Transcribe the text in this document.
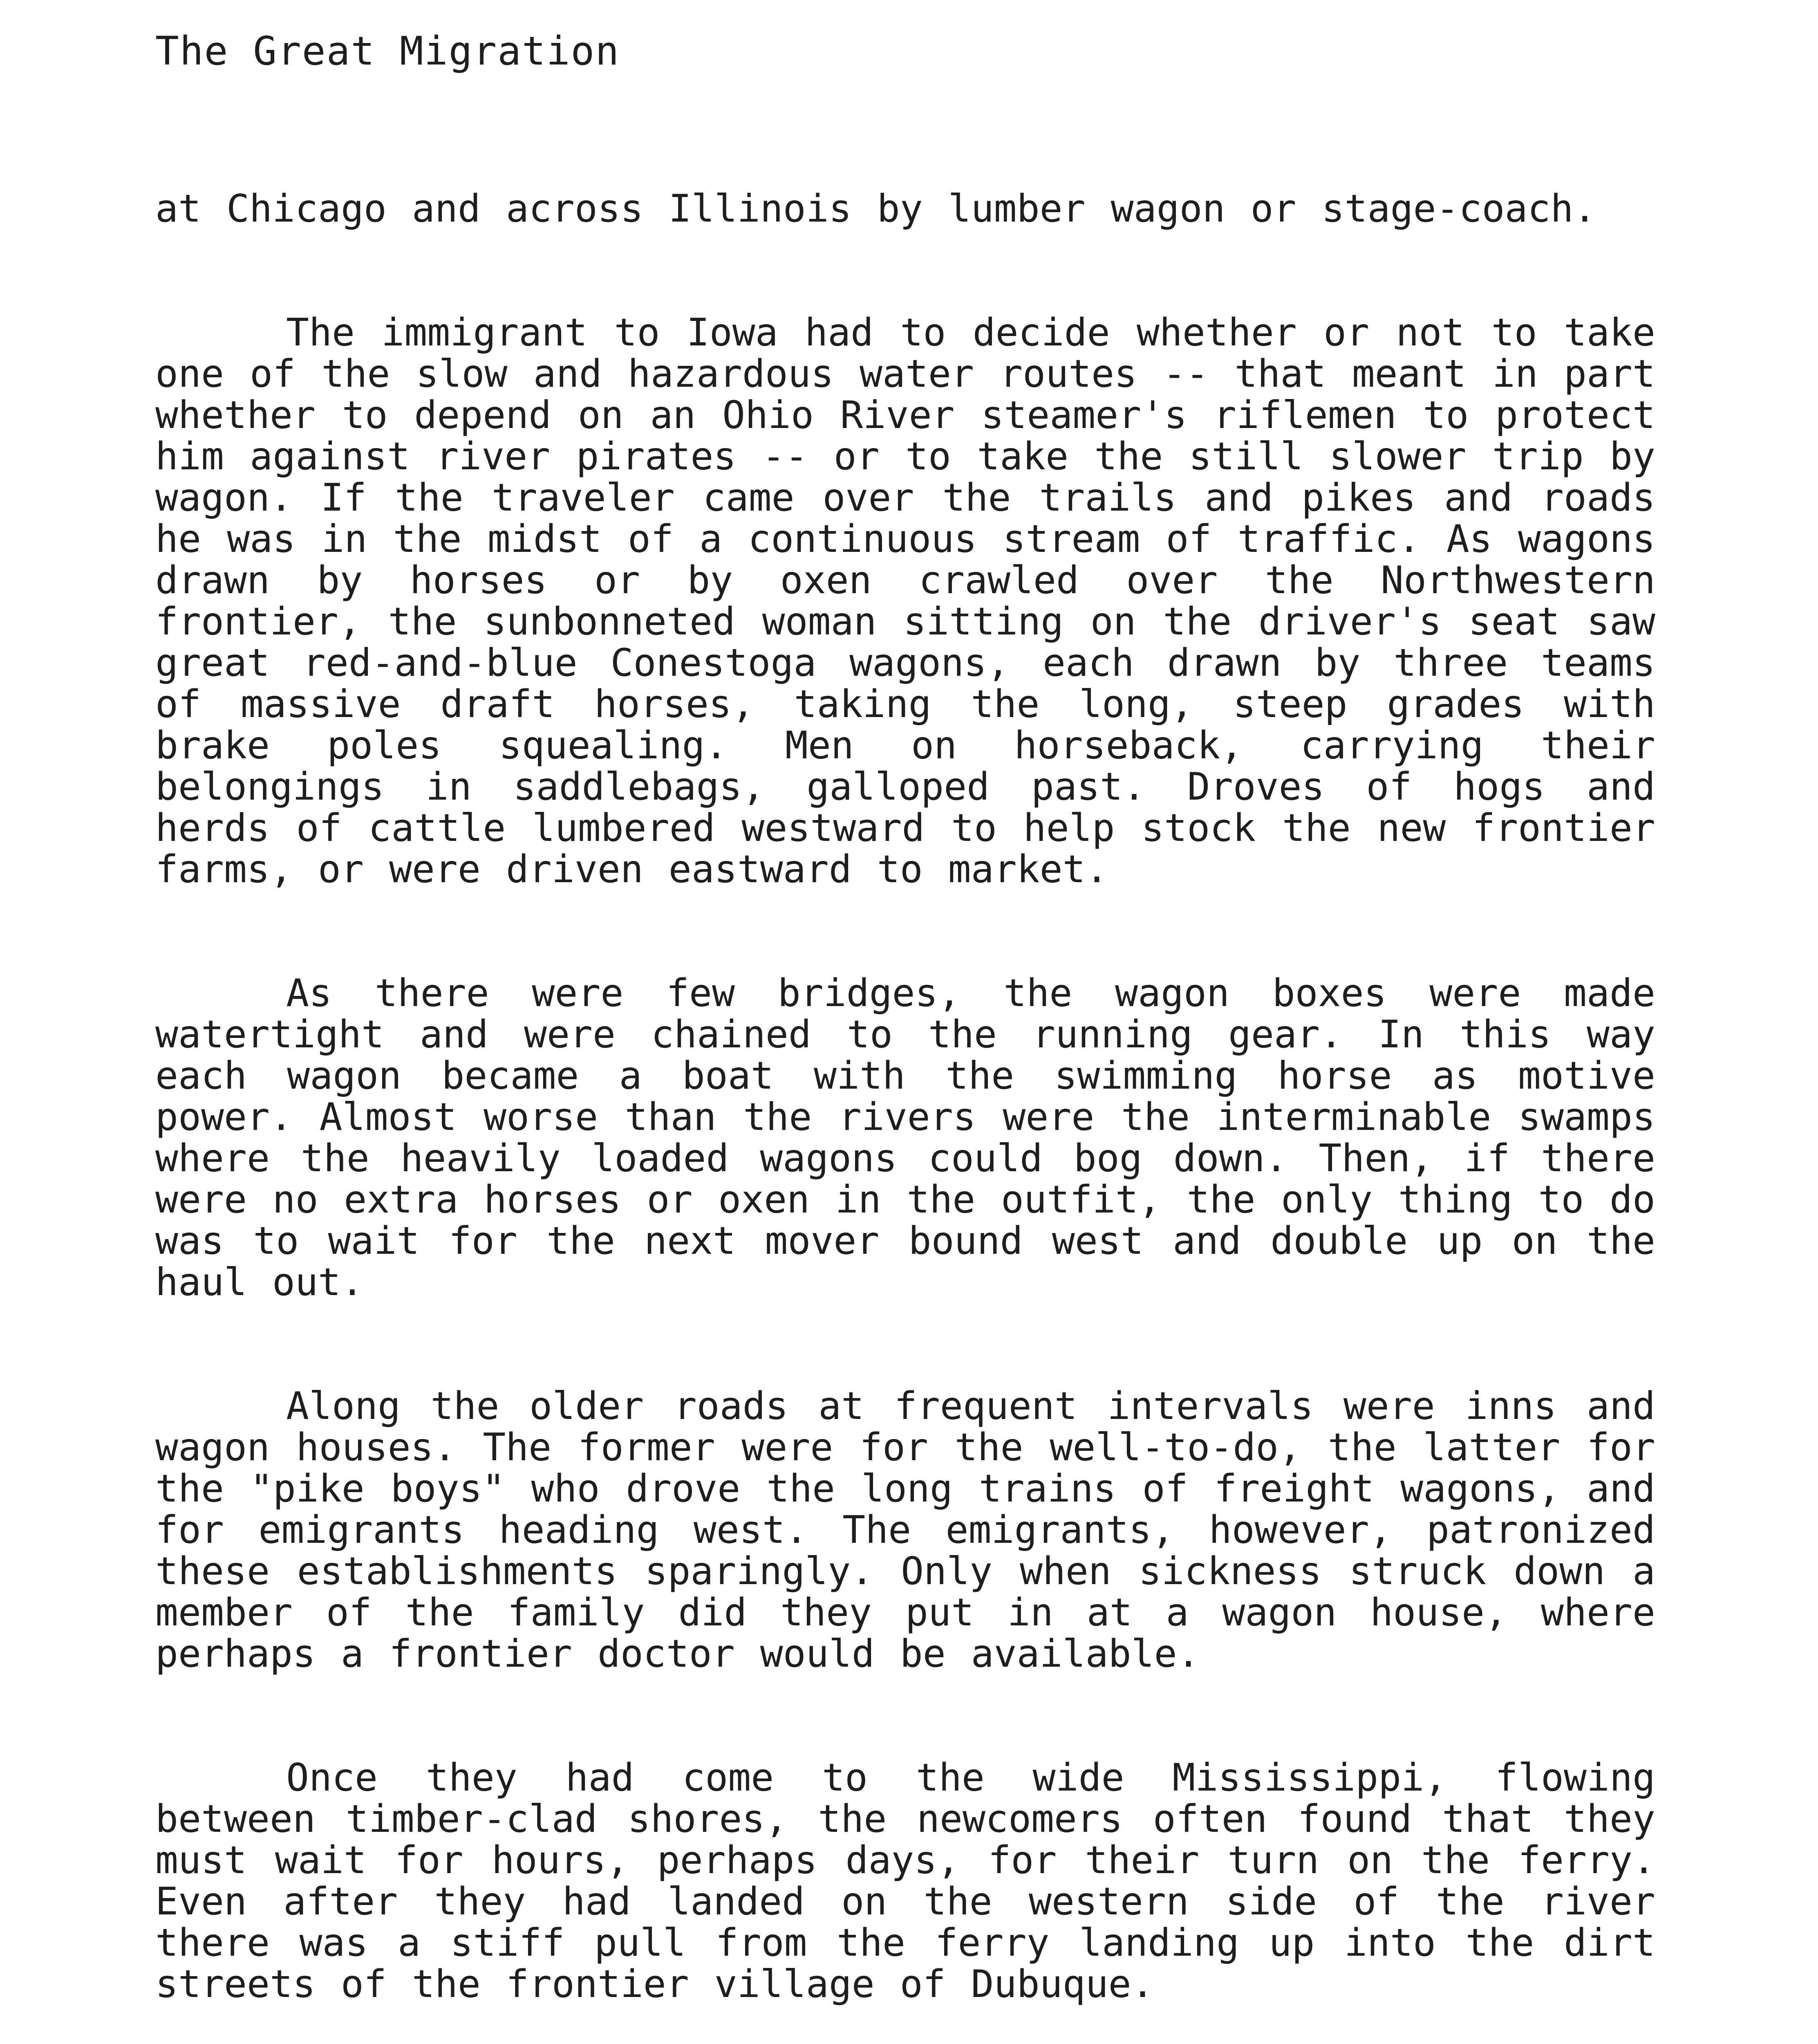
The Great Migration

at Chicago and across Illinois by lumber wagon or stage-coach.

The immigrant to Iowa had to decide whether or not to take one of the slow and hazardous water routes -- that meant in part whether to depend on an Ohio River steamer's riflemen to protect him against river pirates -- or to take the still slower trip by wagon. If the traveler came over the trails and pikes and roads he was in the midst of a continuous stream of traffic. As wagons drawn by horses or by oxen crawled over the Northwestern frontier, the sunbonneted woman sitting on the driver's seat saw great red-and-blue Conestoga wagons, each drawn by three teams of massive draft horses, taking the long, steep grades with brake poles squealing. Men on horseback, carrying their belongings in saddlebags, galloped past. Droves of hogs and herds of cattle lumbered westward to help stock the new frontier farms, or were driven eastward to market.

As there were few bridges, the wagon boxes were made watertight and were chained to the running gear. In this way each wagon became a boat with the swimming horse as motive power. Almost worse than the rivers were the interminable swamps where the heavily loaded wagons could bog down. Then, if there were no extra horses or oxen in the outfit, the only thing to do was to wait for the next mover bound west and double up on the haul out.

Along the older roads at frequent intervals were inns and wagon houses. The former were for the well-to-do, the latter for the "pike boys" who drove the long trains of freight wagons, and for emigrants heading west. The emigrants, however, patronized these establishments sparingly. Only when sickness struck down a member of the family did they put in at a wagon house, where perhaps a frontier doctor would be available.

Once they had come to the wide Mississippi, flowing between timber-clad shores, the newcomers often found that they must wait for hours, perhaps days, for their turn on the ferry. Even after they had landed on the western side of the river there was a stiff pull from the ferry landing up into the dirt streets of the frontier village of Dubuque.
